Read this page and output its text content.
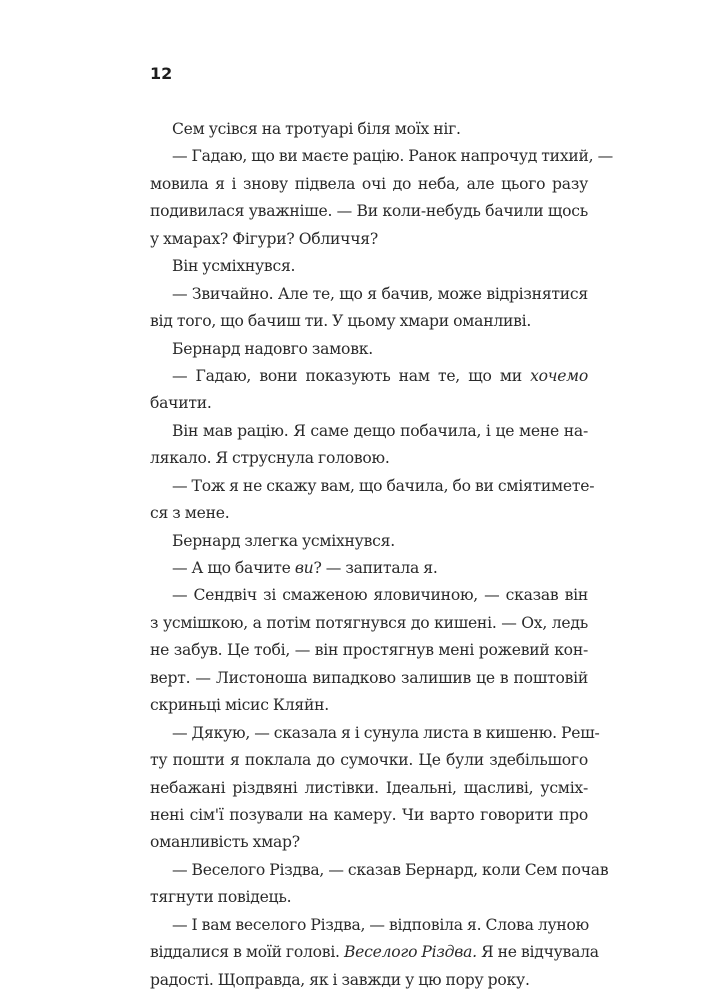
12
Сем усівся на тротуарі біля моїх ніг.
— Гадаю, що ви маєте рацію. Ранок напрочуд тихий, —
мовила я і знову підвела очі до неба, але цього разу
подивилася уважніше. — Ви коли-небудь бачили щось
у хмарах? Фігури? Обличчя?
Він усміхнувся.
— Звичайно. Але те, що я бачив, може відрізнятися
від того, що бачиш ти. У цьому хмари оманливі.
Бернард надовго замовк.
— Гадаю, вони показують нам те, що ми хочемо
бачити.
Він мав рацію. Я саме дещо побачила, і це мене на-
лякало. Я струснула головою.
— Тож я не скажу вам, що бачила, бо ви сміятимете-
ся з мене.
Бернард злегка усміхнувся.
— А що бачите ви? — запитала я.
— Сендвіч зі смаженою яловичиною, — сказав він
з усмішкою, а потім потягнувся до кишені. — Ох, ледь
не забув. Це тобі, — він простягнув мені рожевий кон-
верт. — Листоноша випадково залишив це в поштовій
скриньці місис Кляйн.
— Дякую, — сказала я і сунула листа в кишеню. Реш-
ту пошти я поклала до сумочки. Це були здебільшого
небажані різдвяні листівки. Ідеальні, щасливі, усміх-
нені сім'ї позували на камеру. Чи варто говорити про
оманливість хмар?
— Веселого Різдва, — сказав Бернард, коли Сем почав
тягнути повідець.
— І вам веселого Різдва, — відповіла я. Слова луною
віддалися в моїй голові. Веселого Різдва. Я не відчувала
радості. Щоправда, як і завжди у цю пору року.
